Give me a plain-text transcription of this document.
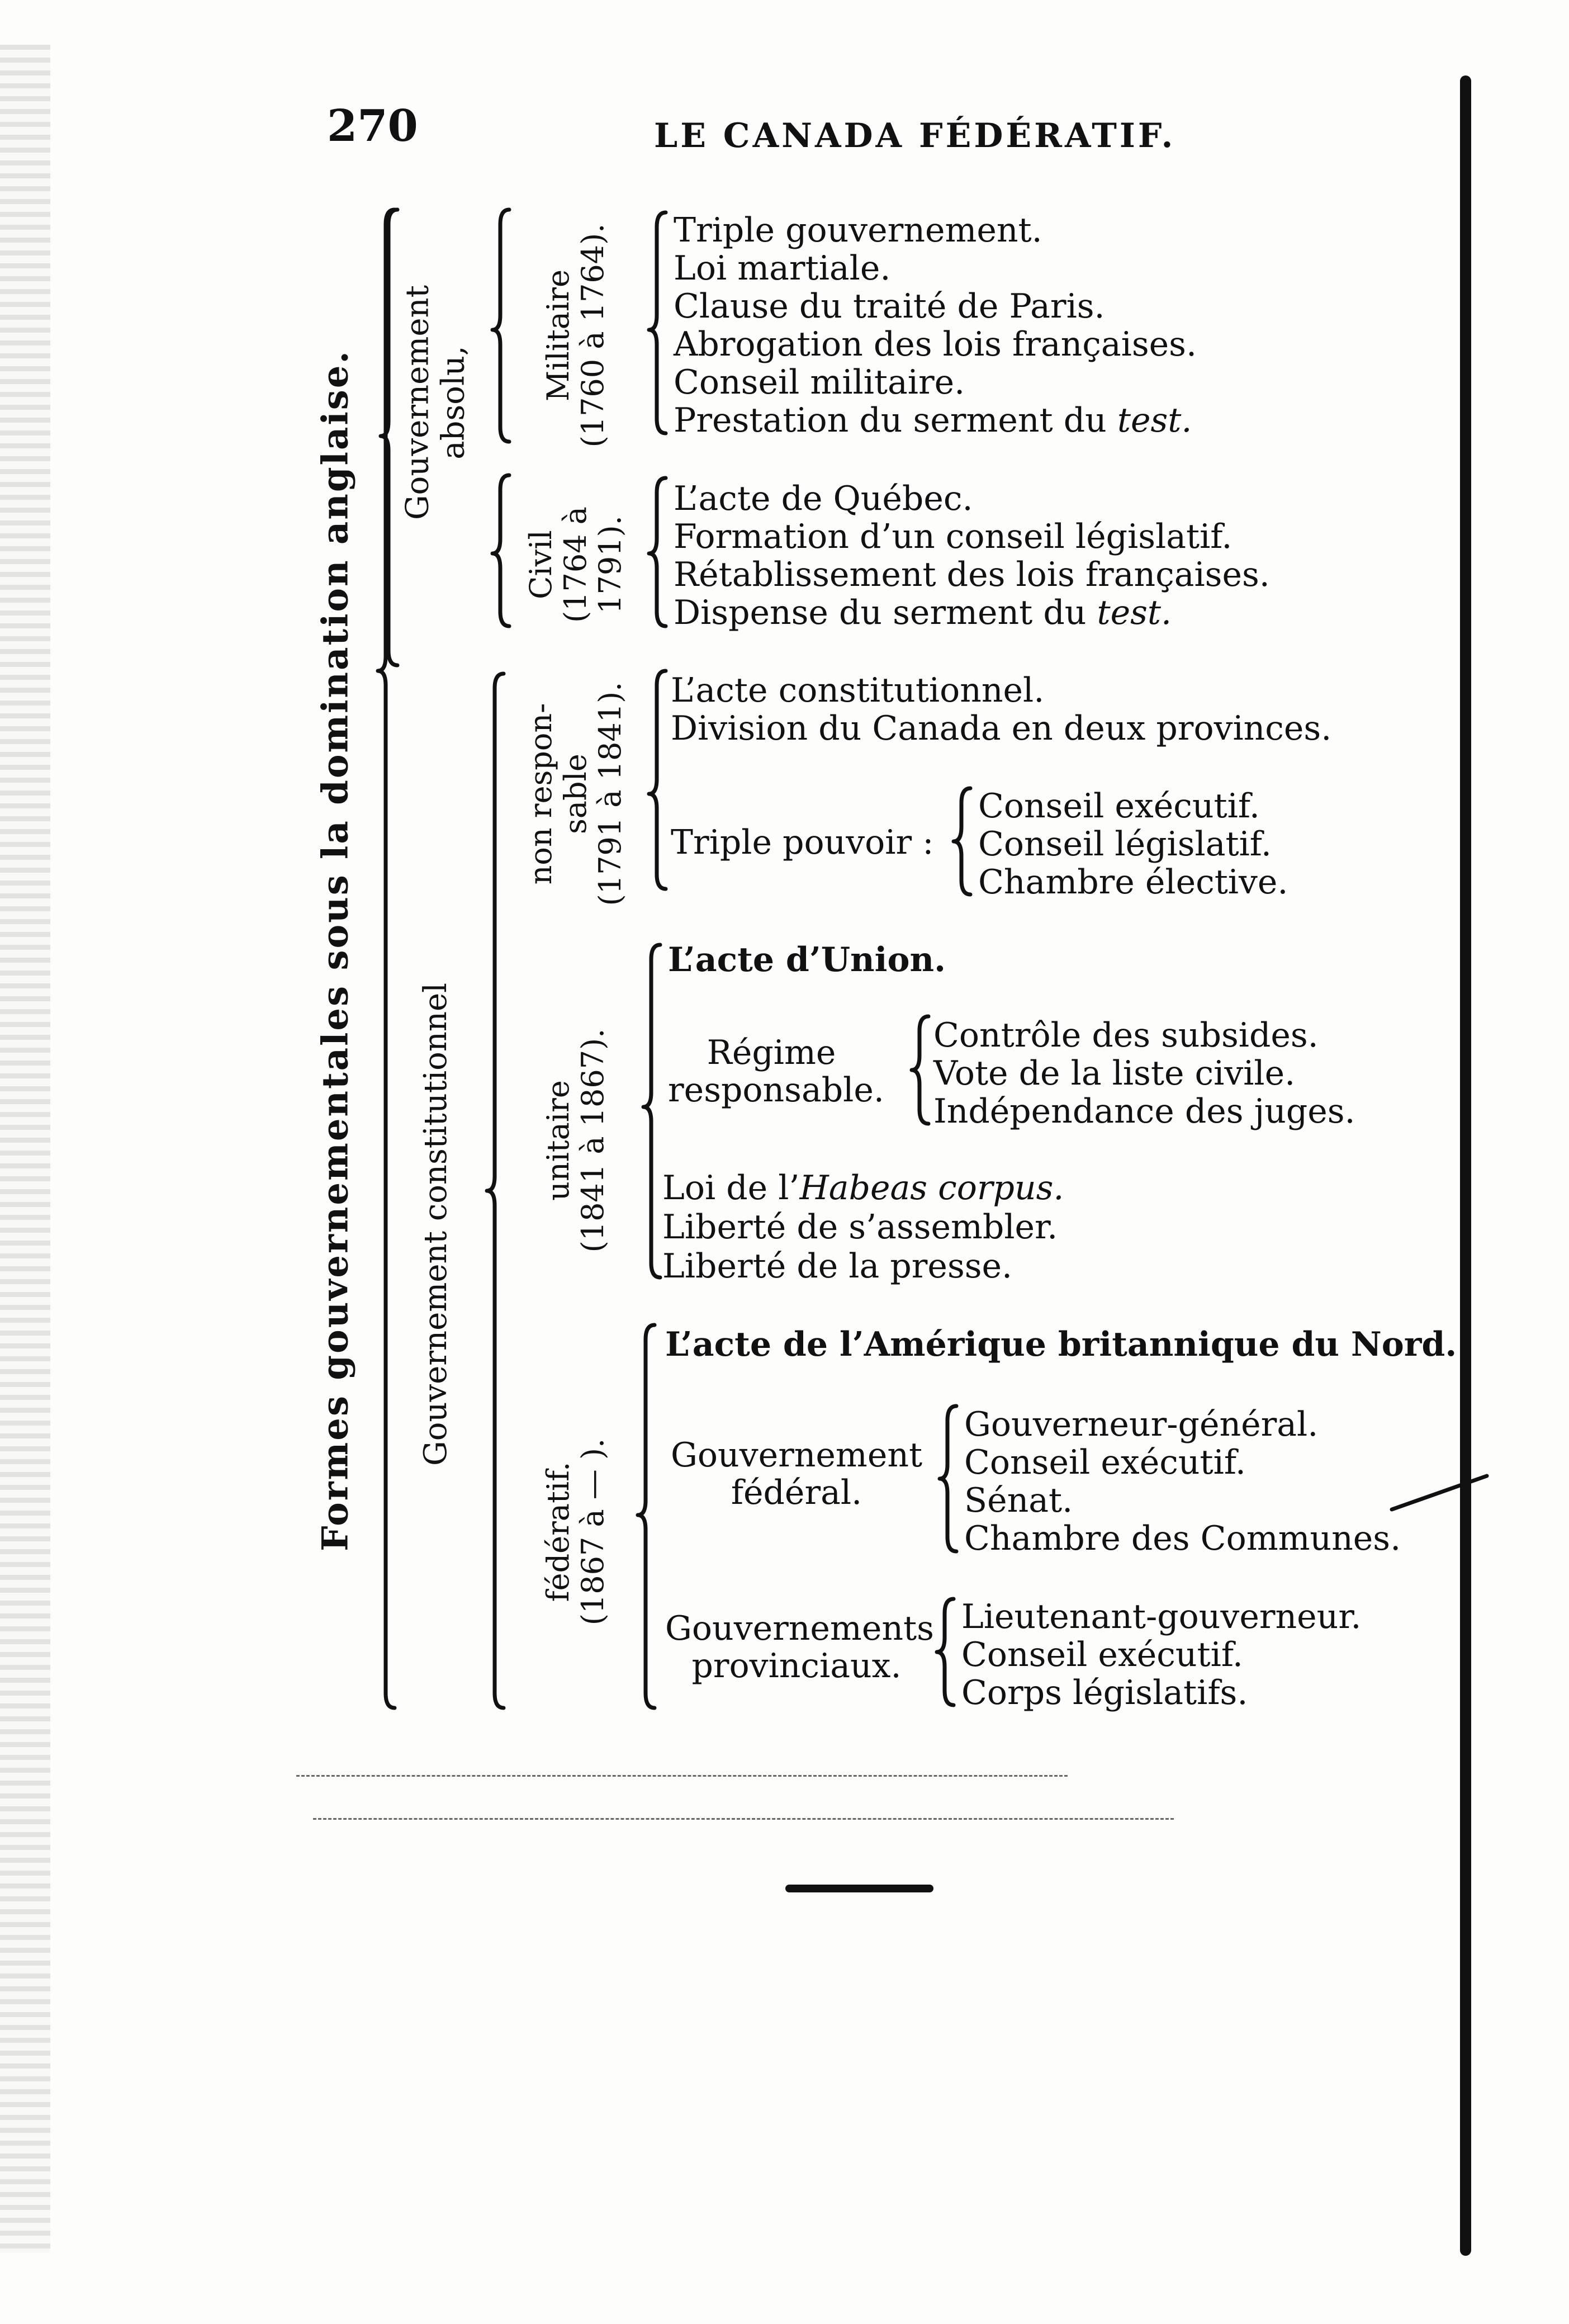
270	LE CANADA FÉDÉRATIF.
Formes gouvernementales sous la domination anglaise. Gouvernement absolu,
Gouvernement constitutionnel
Militaire (1760 à 1764).
Civil (1764 à 1791).
non respon- sable (1791 à 1841).
unitaire (1841 à 1867).
fédératif. (1867 à — ).
Triple gouvernement.
Loi martiale.
Clause du traité de Paris.
Abrogation des lois françaises.
Conseil militaire.
Prestation du serment du test.
L’acte de Québec.
Formation d’un conseil législatif.
Rétablissement des lois françaises.
Dispense du serment du test.
L’acte constitutionnel.
Division du Canada en deux provinces.
Triple pouvoir :
Conseil exécutif.
Conseil législatif.
Chambre élective.
L’acte d’Union.
Régime
responsable.
Contrôle des subsides.
Vote de la liste civile.
Indépendance des juges.
Loi de l’Habeas corpus.
Liberté de s’assembler.
Liberté de la presse.
L’acte de l’Amérique britannique du Nord.
Gouvernement
fédéral.
Gouverneur-général.
Conseil exécutif.
Sénat.
Chambre des Communes.
Gouvernements
provinciaux.
Lieutenant-gouverneur.
Conseil exécutif.
Corps législatifs.
